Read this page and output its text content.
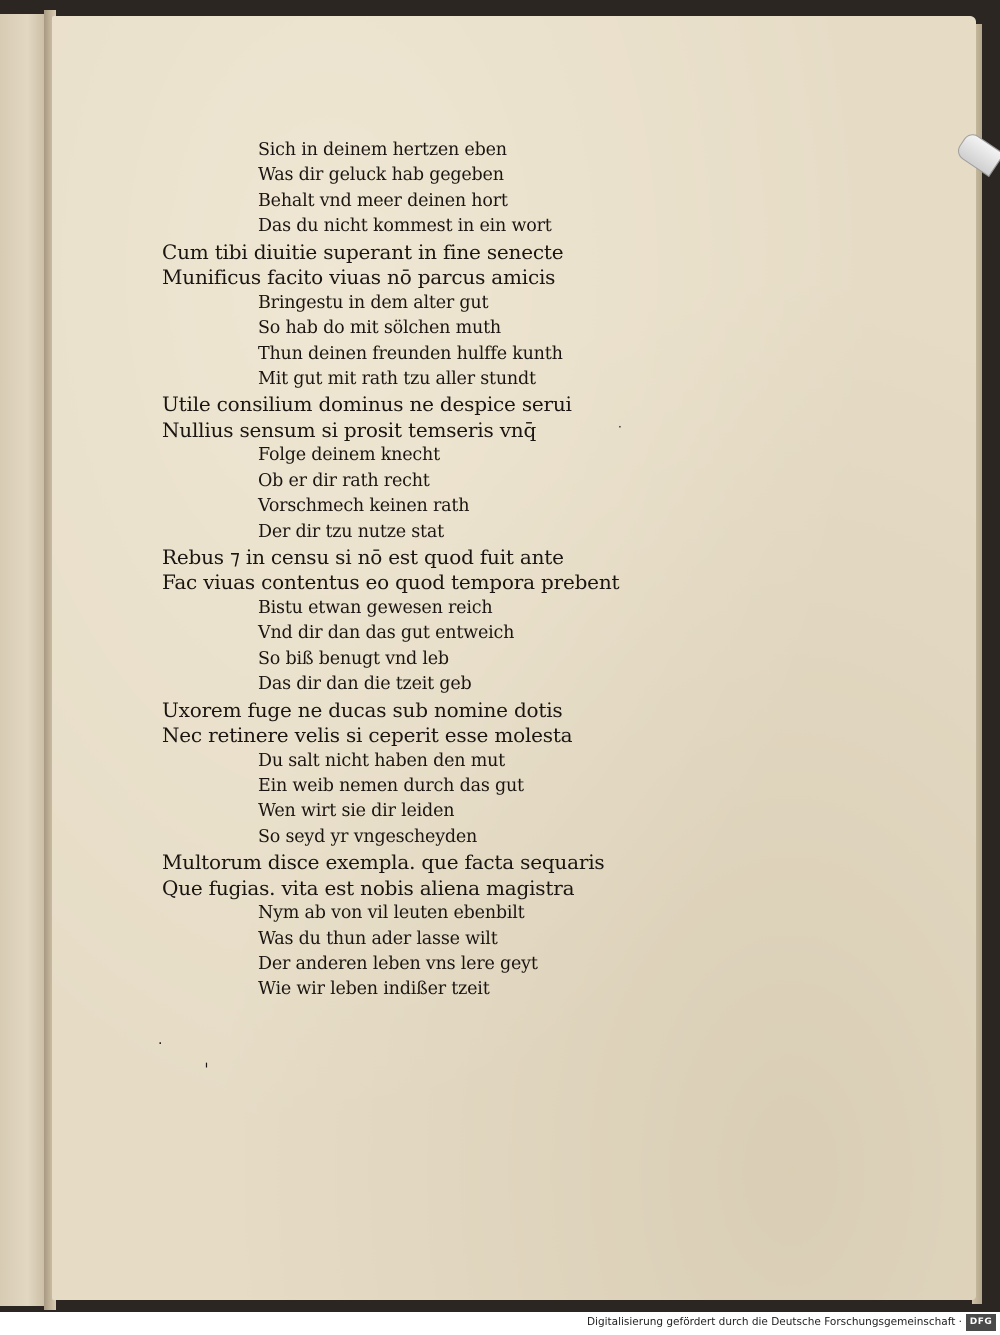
Sich in deinem hertzen eben
Was dir geluck hab gegeben
Behalt vnd meer deinen hort
Das du nicht kommest in ein wort
Cum tibi diuitie superant in fine senecte
Munificus facito viuas nō parcus amicis
Bringestu in dem alter gut
So hab do mit sölchen muth
Thun deinen freunden hulffe kunth
Mit gut mit rath tzu aller stundt
Utile consilium dominus ne despice serui
Nullius sensum si prosit temseris vnq̄
Folge deinem knecht
Ob er dir rath recht
Vorschmech keinen rath
Der dir tzu nutze stat
Rebus ⁊ in censu si nō est quod fuit ante
Fac viuas contentus eo quod tempora prebent
Bistu etwan gewesen reich
Vnd dir dan das gut entweich
So biß benugt vnd leb
Das dir dan die tzeit geb
Uxorem fuge ne ducas sub nomine dotis
Nec retinere velis si ceperit esse molesta
Du salt nicht haben den mut
Ein weib nemen durch das gut
Wen wirt sie dir leiden
So seyd yr vngescheyden
Multorum disce exempla. que facta sequaris
Que fugias. vita est nobis aliena magistra
Nym ab von vil leuten ebenbilt
Was du thun ader lasse wilt
Der anderen leben vns lere geyt
Wie wir leben indißer tzeit
·
ˈ
·
Digitalisierung gefördert durch die Deutsche Forschungsgemeinschaft · DFG
